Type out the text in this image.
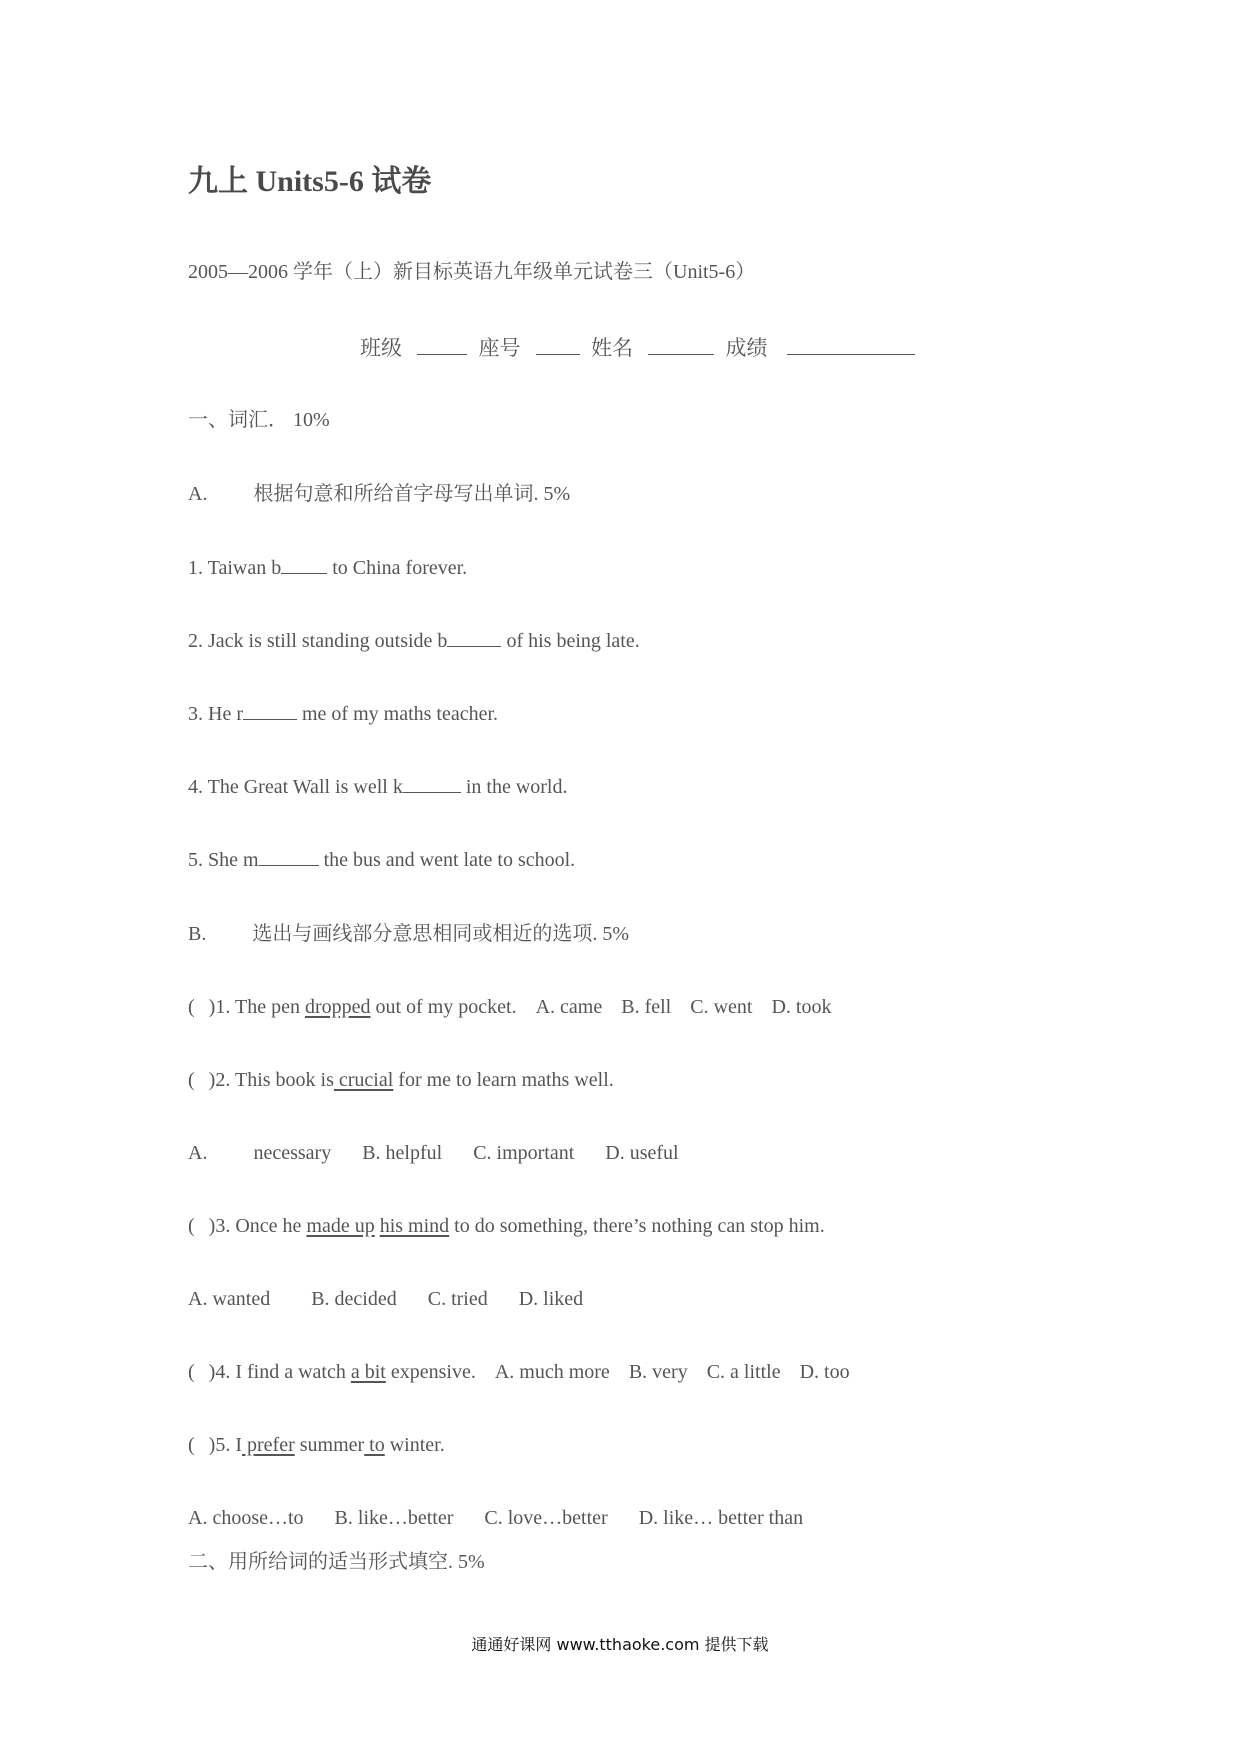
九上 Units5-6 试卷
2005—2006 学年（上）新目标英语九年级单元试卷三（Unit5-6）
班级	座号	姓名	成绩
一、词汇． 10%
A. 根据句意和所给首字母写出单词. 5%
1. Taiwan b	to China forever.
2. Jack is still standing outside b	of his being late.
3. He r	me of my maths teacher.
4. The Great Wall is well k	in the world.
5. She m	the bus and went late to school.
B. 选出与画线部分意思相同或相近的选项. 5%
( )1. The pen dropped out of my pocket. A. came B. fell C. went D. took
( )2. This book is crucial for me to learn maths well.
A. necessary B. helpful C. important D. useful
( )3. Once he made up his mind to do something, there’s nothing can stop him.
A. wanted B. decided C. tried D. liked
( )4. I find a watch a bit expensive. A. much more B. very C. a little D. too
( )5. I prefer summer to winter.
A. choose…to B. like…better C. love…better D. like… better than
二、用所给词的适当形式填空. 5%
通通好课网 www.tthaoke.com 提供下载
